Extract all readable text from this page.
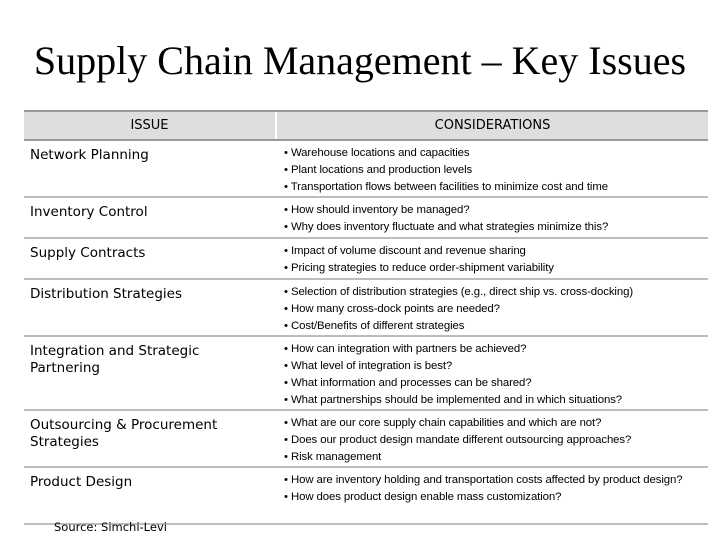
Supply Chain Management – Key Issues
ISSUE	CONSIDERATIONS
Network Planning	• Warehouse locations and capacities
• Plant locations and production levels
• Transportation flows between facilities to minimize cost and time

Inventory Control	• How should inventory be managed?
• Why does inventory fluctuate and what strategies minimize this?

Supply Contracts	• Impact of volume discount and revenue sharing
• Pricing strategies to reduce order-shipment variability

Distribution Strategies	• Selection of distribution strategies (e.g., direct ship vs. cross-docking)
• How many cross-dock points are needed?
• Cost/Benefits of different strategies

Integration and Strategic Partnering	• How can integration with partners be achieved?
• What level of integration is best?
• What information and processes can be shared?
• What partnerships should be implemented and in which situations?

Outsourcing & Procurement Strategies	• What are our core supply chain capabilities and which are not?
• Does our product design mandate different outsourcing approaches?
• Risk management

Product Design	• How are inventory holding and transportation costs affected by product design?
• How does product design enable mass customization?
Source: Simchi-Levi
